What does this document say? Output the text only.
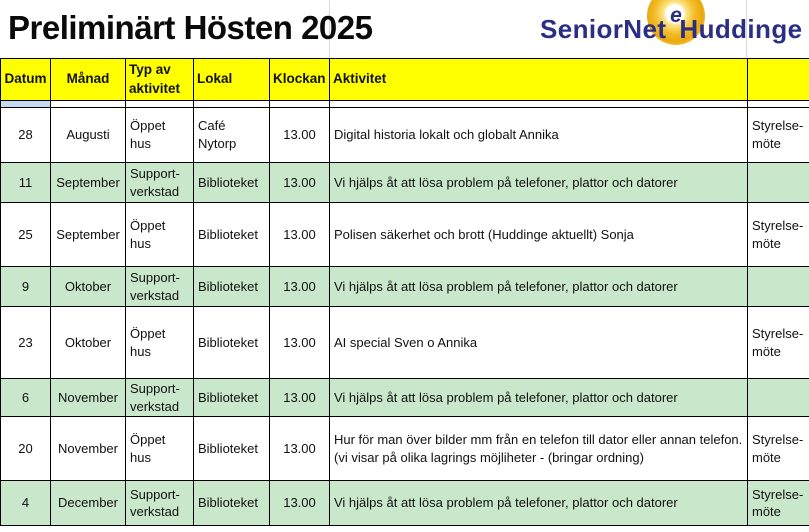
Preliminärt Hösten 2025	e
SeniorNet Huddinge
Datum	Månad	Typ av aktivitet	Lokal	Klockan	Aktivitet	

28	Augusti	Öppet hus	Café Nytorp	13.00	Digital historia lokalt och globalt Annika	Styrelse-möte
11	September	Support-verkstad	Biblioteket	13.00	Vi hjälps åt att lösa problem på telefoner, plattor och datorer	
25	September	Öppet hus	Biblioteket	13.00	Polisen säkerhet och brott (Huddinge aktuellt) Sonja	Styrelse-möte
9	Oktober	Support-verkstad	Biblioteket	13.00	Vi hjälps åt att lösa problem på telefoner, plattor och datorer	
23	Oktober	Öppet hus	Biblioteket	13.00	AI special Sven o Annika	Styrelse-möte
6	November	Support-verkstad	Biblioteket	13.00	Vi hjälps åt att lösa problem på telefoner, plattor och datorer	
20	November	Öppet hus	Biblioteket	13.00	Hur för man över bilder mm från en telefon till dator eller annan telefon. (vi visar på olika lagrings möjliheter - (bringar ordning)	Styrelse-möte
4	December	Support-verkstad	Biblioteket	13.00	Vi hjälps åt att lösa problem på telefoner, plattor och datorer	Styrelse-möte
